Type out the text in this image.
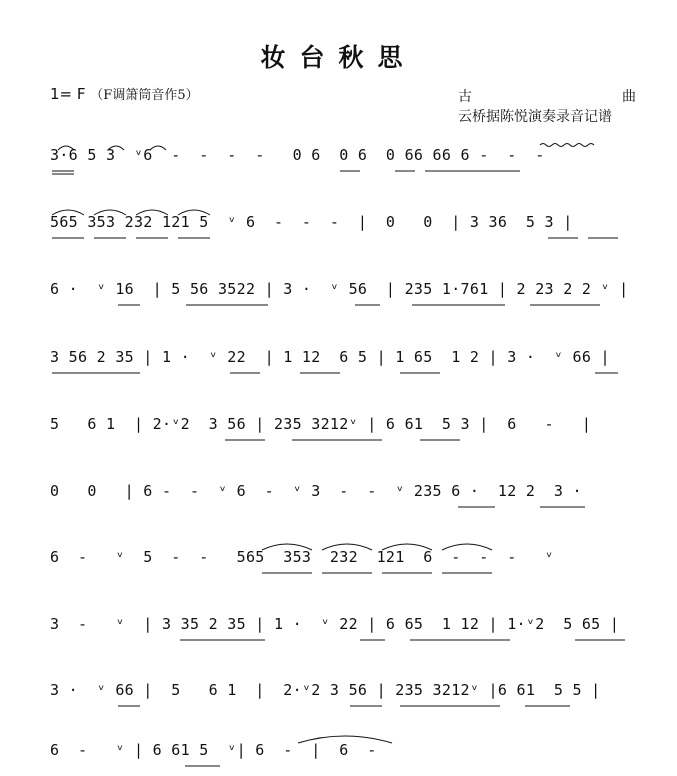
妆台秋思
1= F （F调箫筒音作5）	古	曲
云桥据陈悦演奏录音记谱
3·6 5 3  ᵛ6  -  -  -  -   0 6  0 6  0 66 66 6 -  -  -
565 353 232 121 5  ᵛ 6  -  -  -  |  0   0  | 3 36  5 3 |
6 ·  ᵛ 16  | 5 56 3522 | 3 ·  ᵛ 56  | 235 1·761 | 2 23 2 2 ᵛ |
3 56 2 35 | 1 ·  ᵛ 22  | 1 12  6 5 | 1 65  1 2 | 3 ·  ᵛ 66 |
5   6 1  | 2·ᵛ2  3 56 | 235 3212ᵛ | 6 61  5 3 |  6   -   |
0   0   | 6 -  -  ᵛ 6  -  ᵛ 3  -  -  ᵛ 235 6 ·  12 2  3 ·
6  -   ᵛ  5  -  -   565  353  232  121  6  -  -  -   ᵛ
3  -   ᵛ  | 3 35 2 35 | 1 ·  ᵛ 22 | 6 65  1 12 | 1·ᵛ2  5 65 |
3 ·  ᵛ 66 |  5   6 1  |  2·ᵛ2 3 56 | 235 3212ᵛ |6 61  5 5 |
6  -   ᵛ | 6 61 5  ᵛ| 6  -  |  6  -
